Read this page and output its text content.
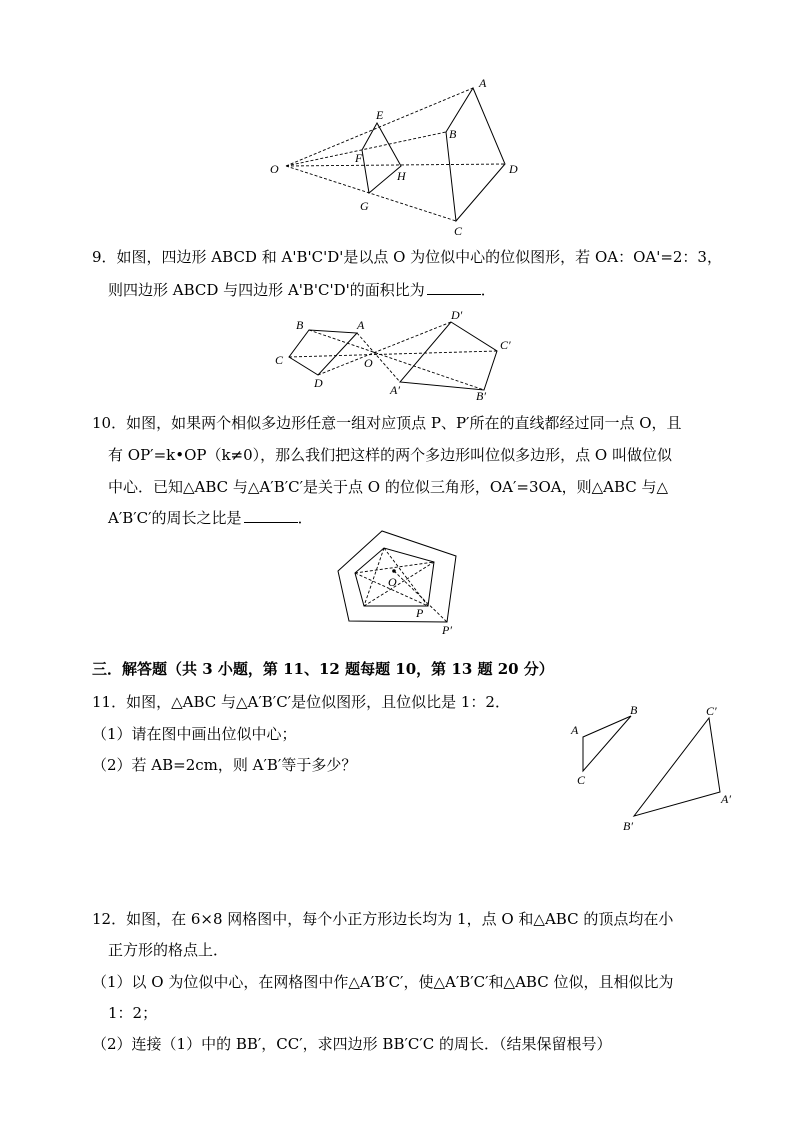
A
B
D
C
E
F
H
G
O
9．如图，四边形 ABCD 和 A'B'C'D'是以点 O 为位似中心的位似图形，若 OA：OA'=2：3，
则四边形 ABCD 与四边形 A'B'C'D'的面积比为	．
B	A
C
D
O
D′
C′
A′	B′
10．如图，如果两个相似多边形任意一组对应顶点 P、P′所在的直线都经过同一点 O，且
有 OP′=k•OP（k≠0），那么我们把这样的两个多边形叫位似多边形，点 O 叫做位似
中心．已知△ABC 与△A′B′C′是关于点 O 的位似三角形，OA′=3OA，则△ABC 与△
A′B′C′的周长之比是	．
O
P
P′
三．解答题（共 3 小题，第 11、12 题每题 10，第 13 题 20 分）
11．如图，△ABC 与△A′B′C′是位似图形，且位似比是 1：2．
（1）请在图中画出位似中心；
（2）若 AB=2cm，则 A′B′等于多少？
A
B
C
C′
A′
B′
12．如图，在 6×8 网格图中，每个小正方形边长均为 1，点 O 和△ABC 的顶点均在小
正方形的格点上．
（1）以 O 为位似中心，在网格图中作△A′B′C′，使△A′B′C′和△ABC 位似，且相似比为
1：2；
（2）连接（1）中的 BB′，CC′，求四边形 BB′C′C 的周长．（结果保留根号）
